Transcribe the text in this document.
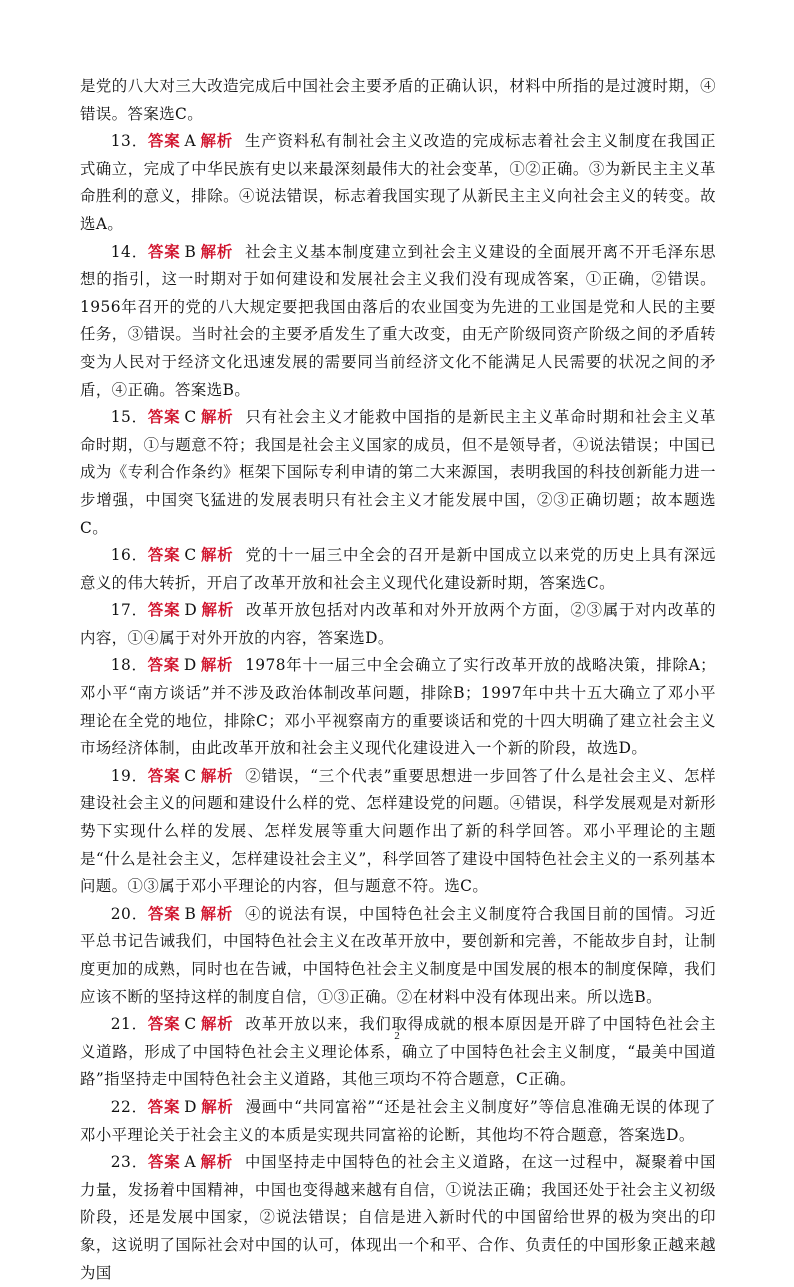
是党的八大对三大改造完成后中国社会主要矛盾的正确认识，材料中所指的是过渡时期，④错误。答案选C。

13．答案 A 解析 生产资料私有制社会主义改造的完成标志着社会主义制度在我国正式确立，完成了中华民族有史以来最深刻最伟大的社会变革，①②正确。③为新民主主义革命胜利的意义，排除。④说法错误，标志着我国实现了从新民主主义向社会主义的转变。故选A。

14．答案 B 解析 社会主义基本制度建立到社会主义建设的全面展开离不开毛泽东思想的指引，这一时期对于如何建设和发展社会主义我们没有现成答案，①正确，②错误。1956年召开的党的八大规定要把我国由落后的农业国变为先进的工业国是党和人民的主要任务，③错误。当时社会的主要矛盾发生了重大改变，由无产阶级同资产阶级之间的矛盾转变为人民对于经济文化迅速发展的需要同当前经济文化不能满足人民需要的状况之间的矛盾，④正确。答案选B。

15．答案 C 解析 只有社会主义才能救中国指的是新民主主义革命时期和社会主义革命时期，①与题意不符；我国是社会主义国家的成员，但不是领导者，④说法错误；中国已成为《专利合作条约》框架下国际专利申请的第二大来源国，表明我国的科技创新能力进一步增强，中国突飞猛进的发展表明只有社会主义才能发展中国，②③正确切题；故本题选C。

16．答案 C 解析 党的十一届三中全会的召开是新中国成立以来党的历史上具有深远意义的伟大转折，开启了改革开放和社会主义现代化建设新时期，答案选C。

17．答案 D 解析 改革开放包括对内改革和对外开放两个方面，②③属于对内改革的内容，①④属于对外开放的内容，答案选D。

18．答案 D 解析 1978年十一届三中全会确立了实行改革开放的战略决策，排除A；邓小平“南方谈话”并不涉及政治体制改革问题，排除B；1997年中共十五大确立了邓小平理论在全党的地位，排除C；邓小平视察南方的重要谈话和党的十四大明确了建立社会主义市场经济体制，由此改革开放和社会主义现代化建设进入一个新的阶段，故选D。

19．答案 C 解析 ②错误，“三个代表”重要思想进一步回答了什么是社会主义、怎样建设社会主义的问题和建设什么样的党、怎样建设党的问题。④错误，科学发展观是对新形势下实现什么样的发展、怎样发展等重大问题作出了新的科学回答。邓小平理论的主题是“什么是社会主义，怎样建设社会主义”，科学回答了建设中国特色社会主义的一系列基本问题。①③属于邓小平理论的内容，但与题意不符。选C。

20．答案 B 解析 ④的说法有误，中国特色社会主义制度符合我国目前的国情。习近平总书记告诫我们，中国特色社会主义在改革开放中，要创新和完善，不能故步自封，让制度更加的成熟，同时也在告诫，中国特色社会主义制度是中国发展的根本的制度保障，我们应该不断的坚持这样的制度自信，①③正确。②在材料中没有体现出来。所以选B。

21．答案 C 解析 改革开放以来，我们取得成就的根本原因是开辟了中国特色社会主义道路，形成了中国特色社会主义理论体系，确立了中国特色社会主义制度，“最美中国道路”指坚持走中国特色社会主义道路，其他三项均不符合题意，C正确。

22．答案 D 解析 漫画中“共同富裕”“还是社会主义制度好”等信息准确无误的体现了邓小平理论关于社会主义的本质是实现共同富裕的论断，其他均不符合题意，答案选D。

23．答案 A 解析 中国坚持走中国特色的社会主义道路，在这一过程中，凝聚着中国力量，发扬着中国精神，中国也变得越来越有自信，①说法正确；我国还处于社会主义初级阶段，还是发展中国家，②说法错误；自信是进入新时代的中国留给世界的极为突出的印象，这说明了国际社会对中国的认可，体现出一个和平、合作、负责任的中国形象正越来越为国

2
